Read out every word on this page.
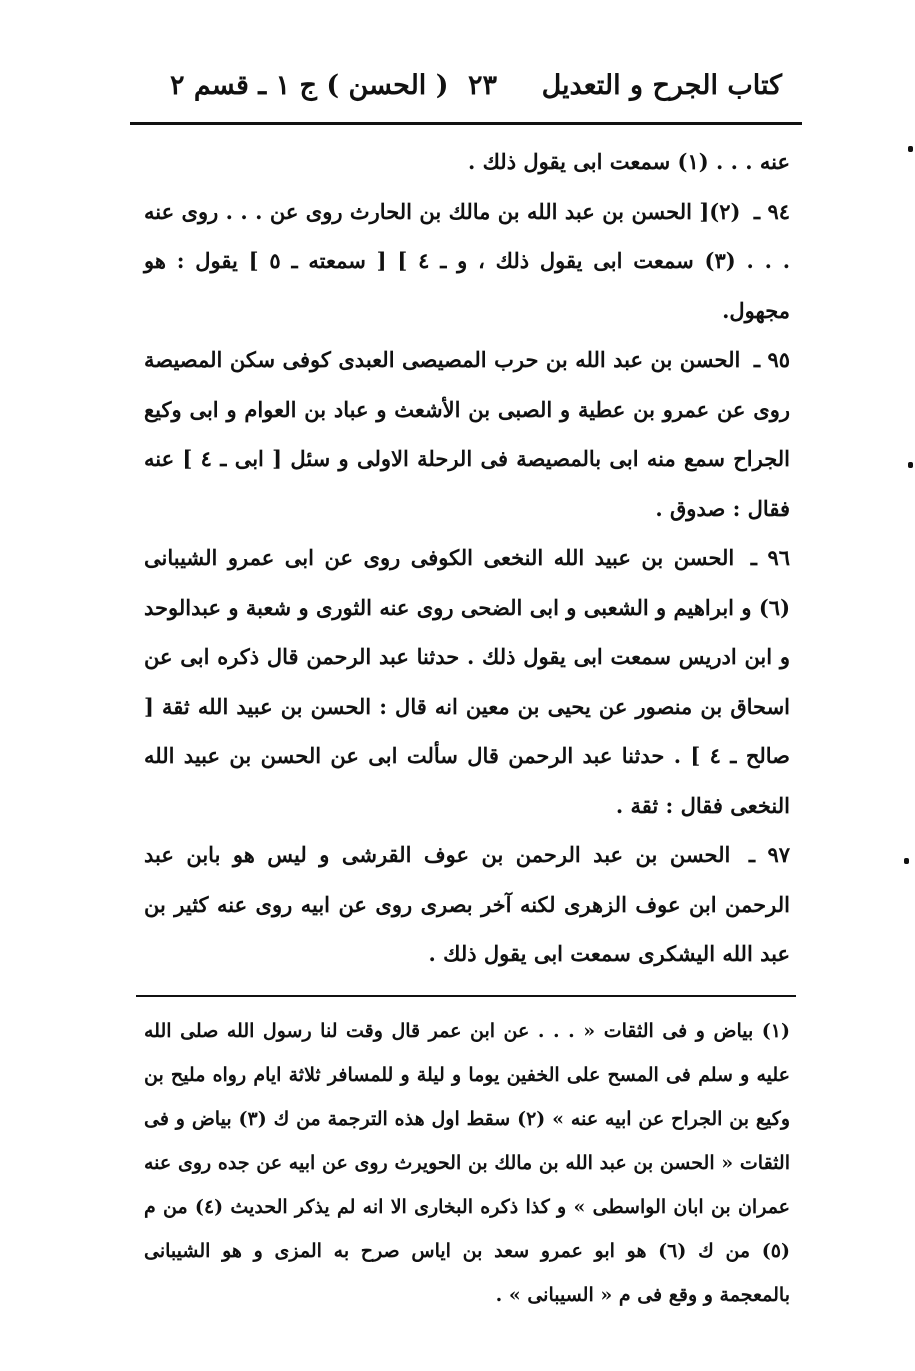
كتاب الجرح و التعديل
٢٣
( الحسن ) ج ١ ـ قسم ٢

عنه . . . (١) سمعت ابى يقول ذلك .

٩٤ ـ (٢)[ الحسن بن عبد الله بن مالك بن الحارث روى عن . . . روى عنه . . . (٣) سمعت ابى يقول ذلك ، و ـ ٤ ] [ سمعته ـ ٥ ] يقول : هو مجهول.

٩٥ ـ الحسن بن عبد الله بن حرب المصيصى العبدى كوفى سكن المصيصة روى عن عمرو بن عطية و الصبى بن الأشعث و عباد بن العوام و ابى وكيع الجراح سمع منه ابى بالمصيصة فى الرحلة الاولى و سئل [ ابى ـ ٤ ] عنه فقال : صدوق .

٩٦ ـ الحسن بن عبيد الله النخعى الكوفى روى عن ابى عمرو الشيبانى (٦) و ابراهيم و الشعبى و ابى الضحى روى عنه الثورى و شعبة و عبدالوحد و ابن ادريس سمعت ابى يقول ذلك . حدثنا عبد الرحمن قال ذكره ابى عن اسحاق بن منصور عن يحيى بن معين انه قال : الحسن بن عبيد الله ثقة [ صالح ـ ٤ ] . حدثنا عبد الرحمن قال سألت ابى عن الحسن بن عبيد الله النخعى فقال : ثقة .

٩٧ ـ الحسن بن عبد الرحمن بن عوف القرشى و ليس هو بابن عبد الرحمن ابن عوف الزهرى لكنه آخر بصرى روى عن ابيه روى عنه كثير بن عبد الله اليشكرى سمعت ابى يقول ذلك .

(١) بياض و فى الثقات « . . . عن ابن عمر قال وقت لنا رسول الله صلى الله عليه و سلم فى المسح على الخفين يوما و ليلة و للمسافر ثلاثة ايام رواه مليح بن وكيع بن الجراح عن ابيه عنه » (٢) سقط اول هذه الترجمة من ك (٣) بياض و فى الثقات « الحسن بن عبد الله بن مالك بن الحويرث روى عن ابيه عن جده روى عنه عمران بن ابان الواسطى » و كذا ذكره البخارى الا انه لم يذكر الحديث (٤) من م (٥) من ك (٦) هو ابو عمرو سعد بن اياس صرح به المزى و هو الشيبانى بالمعجمة و وقع فى م « السيبانى » .
